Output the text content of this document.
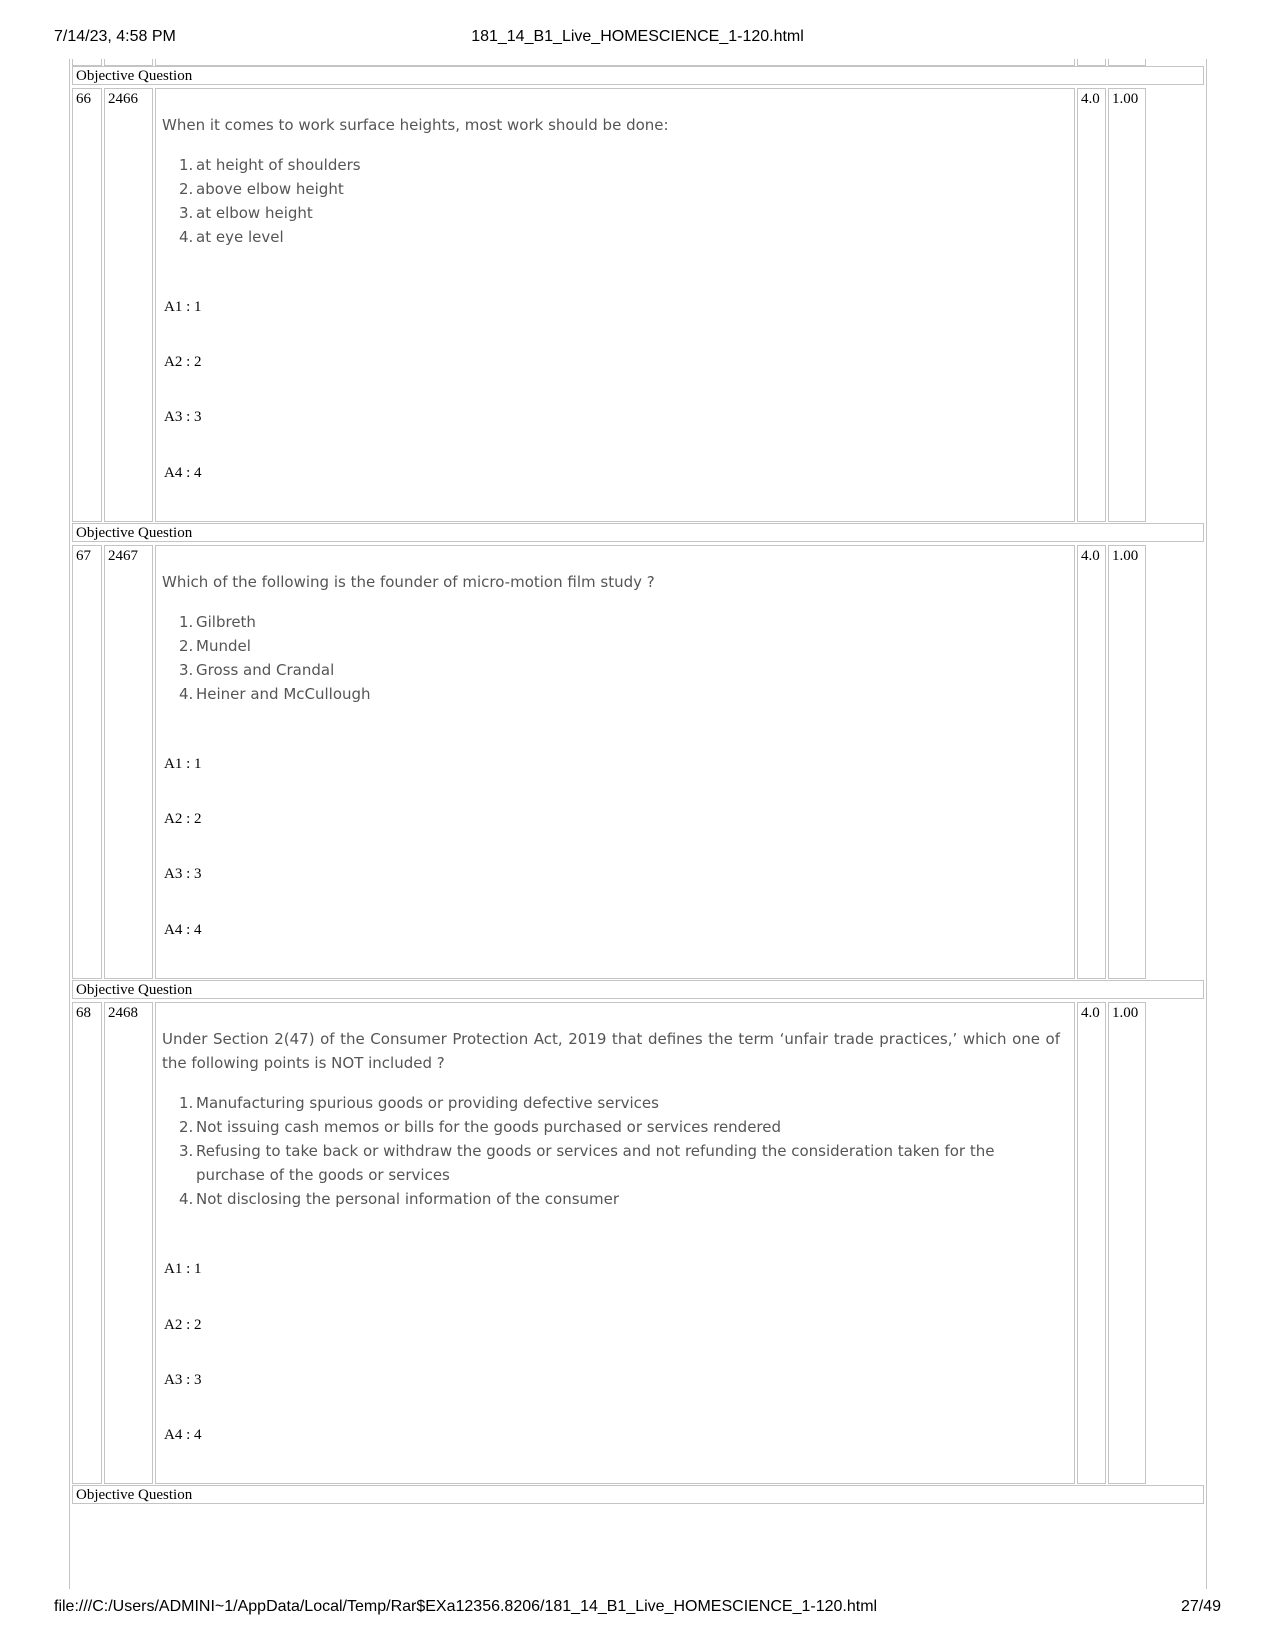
7/14/23, 4:58 PM	181_14_B1_Live_HOMESCIENCE_1-120.html
Objective Question
66	2466
When it comes to work surface heights, most work should be done:
1. at height of shoulders
2. above elbow height
3. at elbow height
4. at eye level
A1 : 1
A2 : 2
A3 : 3
A4 : 4
4.0 1.00
Objective Question
67	2467
Which of the following is the founder of micro-motion film study ?
1. Gilbreth
2. Mundel
3. Gross and Crandal
4. Heiner and McCullough
A1 : 1
A2 : 2
A3 : 3
A4 : 4
4.0 1.00
Objective Question
68	2468
Under Section 2(47) of the Consumer Protection Act, 2019 that defines the term ‘unfair trade practices,’ which one of the following points is NOT included ?
1. Manufacturing spurious goods or providing defective services
2. Not issuing cash memos or bills for the goods purchased or services rendered
3. Refusing to take back or withdraw the goods or services and not refunding the consideration taken for the purchase of the goods or services
4. Not disclosing the personal information of the consumer
A1 : 1
A2 : 2
A3 : 3
A4 : 4
4.0 1.00
Objective Question
file:///C:/Users/ADMINI~1/AppData/Local/Temp/Rar$EXa12356.8206/181_14_B1_Live_HOMESCIENCE_1-120.html	27/49
